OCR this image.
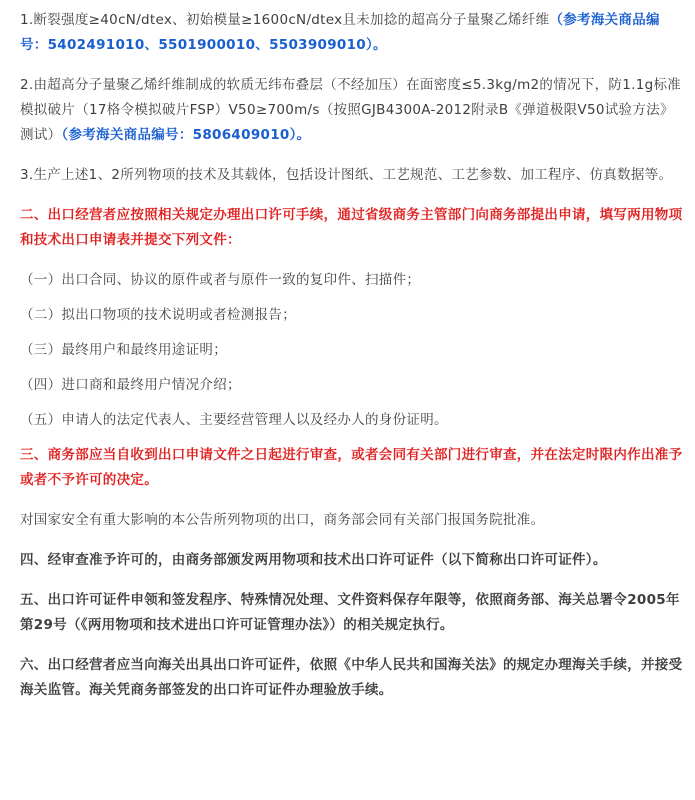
1.断裂强度≥40cN/dtex、初始模量≥1600cN/dtex且未加捻的超高分子量聚乙烯纤维（参考海关商品编号：5402491010、5501900010、5503909010）。

2.由超高分子量聚乙烯纤维制成的软质无纬布叠层（不经加压）在面密度≤5.3kg/m2的情况下，防1.1g标准模拟破片（17格令模拟破片FSP）V50≥700m/s（按照GJB4300A-2012附录B《弹道极限V50试验方法》测试）（参考海关商品编号：5806409010）。

3.生产上述1、2所列物项的技术及其载体，包括设计图纸、工艺规范、工艺参数、加工程序、仿真数据等。

二、出口经营者应按照相关规定办理出口许可手续，通过省级商务主管部门向商务部提出申请，填写两用物项和技术出口申请表并提交下列文件：

（一）出口合同、协议的原件或者与原件一致的复印件、扫描件；

（二）拟出口物项的技术说明或者检测报告；

（三）最终用户和最终用途证明；

（四）进口商和最终用户情况介绍；

（五）申请人的法定代表人、主要经营管理人以及经办人的身份证明。

三、商务部应当自收到出口申请文件之日起进行审查，或者会同有关部门进行审查，并在法定时限内作出准予或者不予许可的决定。

对国家安全有重大影响的本公告所列物项的出口，商务部会同有关部门报国务院批准。

四、经审查准予许可的，由商务部颁发两用物项和技术出口许可证件（以下简称出口许可证件）。

五、出口许可证件申领和签发程序、特殊情况处理、文件资料保存年限等，依照商务部、海关总署令2005年第29号（《两用物项和技术进出口许可证管理办法》）的相关规定执行。

六、出口经营者应当向海关出具出口许可证件，依照《中华人民共和国海关法》的规定办理海关手续，并接受海关监管。海关凭商务部签发的出口许可证件办理验放手续。
